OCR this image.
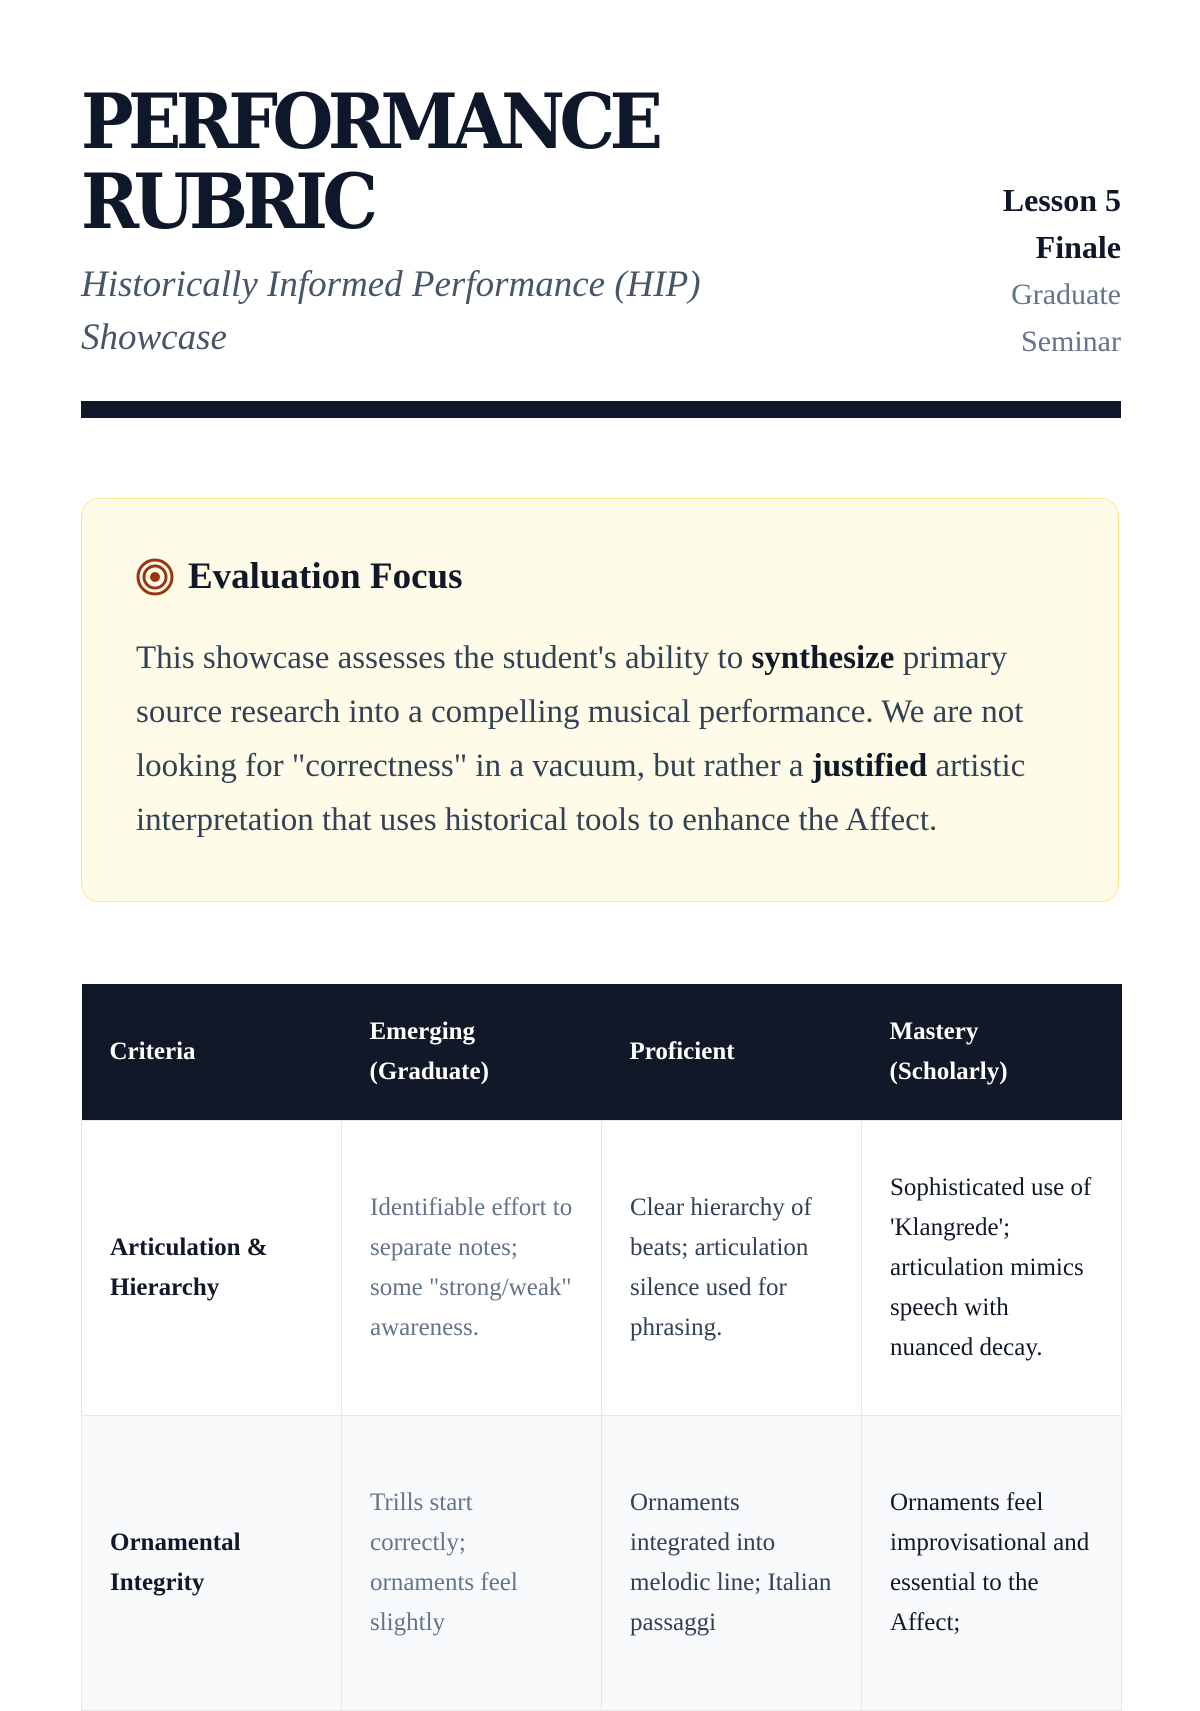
PERFORMANCE
RUBRIC

Historically Informed Performance (HIP) Showcase

Lesson 5
Finale
Graduate
Seminar
Evaluation Focus

This showcase assesses the student's ability to synthesize primary source research into a compelling musical performance. We are not looking for "correctness" in a vacuum, but rather a justified artistic interpretation that uses historical tools to enhance the Affect.

Criteria	Emerging (Graduate)	Proficient	Mastery (Scholarly)
Articulation & Hierarchy	Identifiable effort to separate notes; some "strong/weak" awareness.	Clear hierarchy of beats; articulation silence used for phrasing.	Sophisticated use of 'Klangrede'; articulation mimics speech with nuanced decay.
Ornamental Integrity	Trills start correctly; ornaments feel slightly	Ornaments integrated into melodic line; Italian passaggi	Ornaments feel improvisational and essential to the Affect;
